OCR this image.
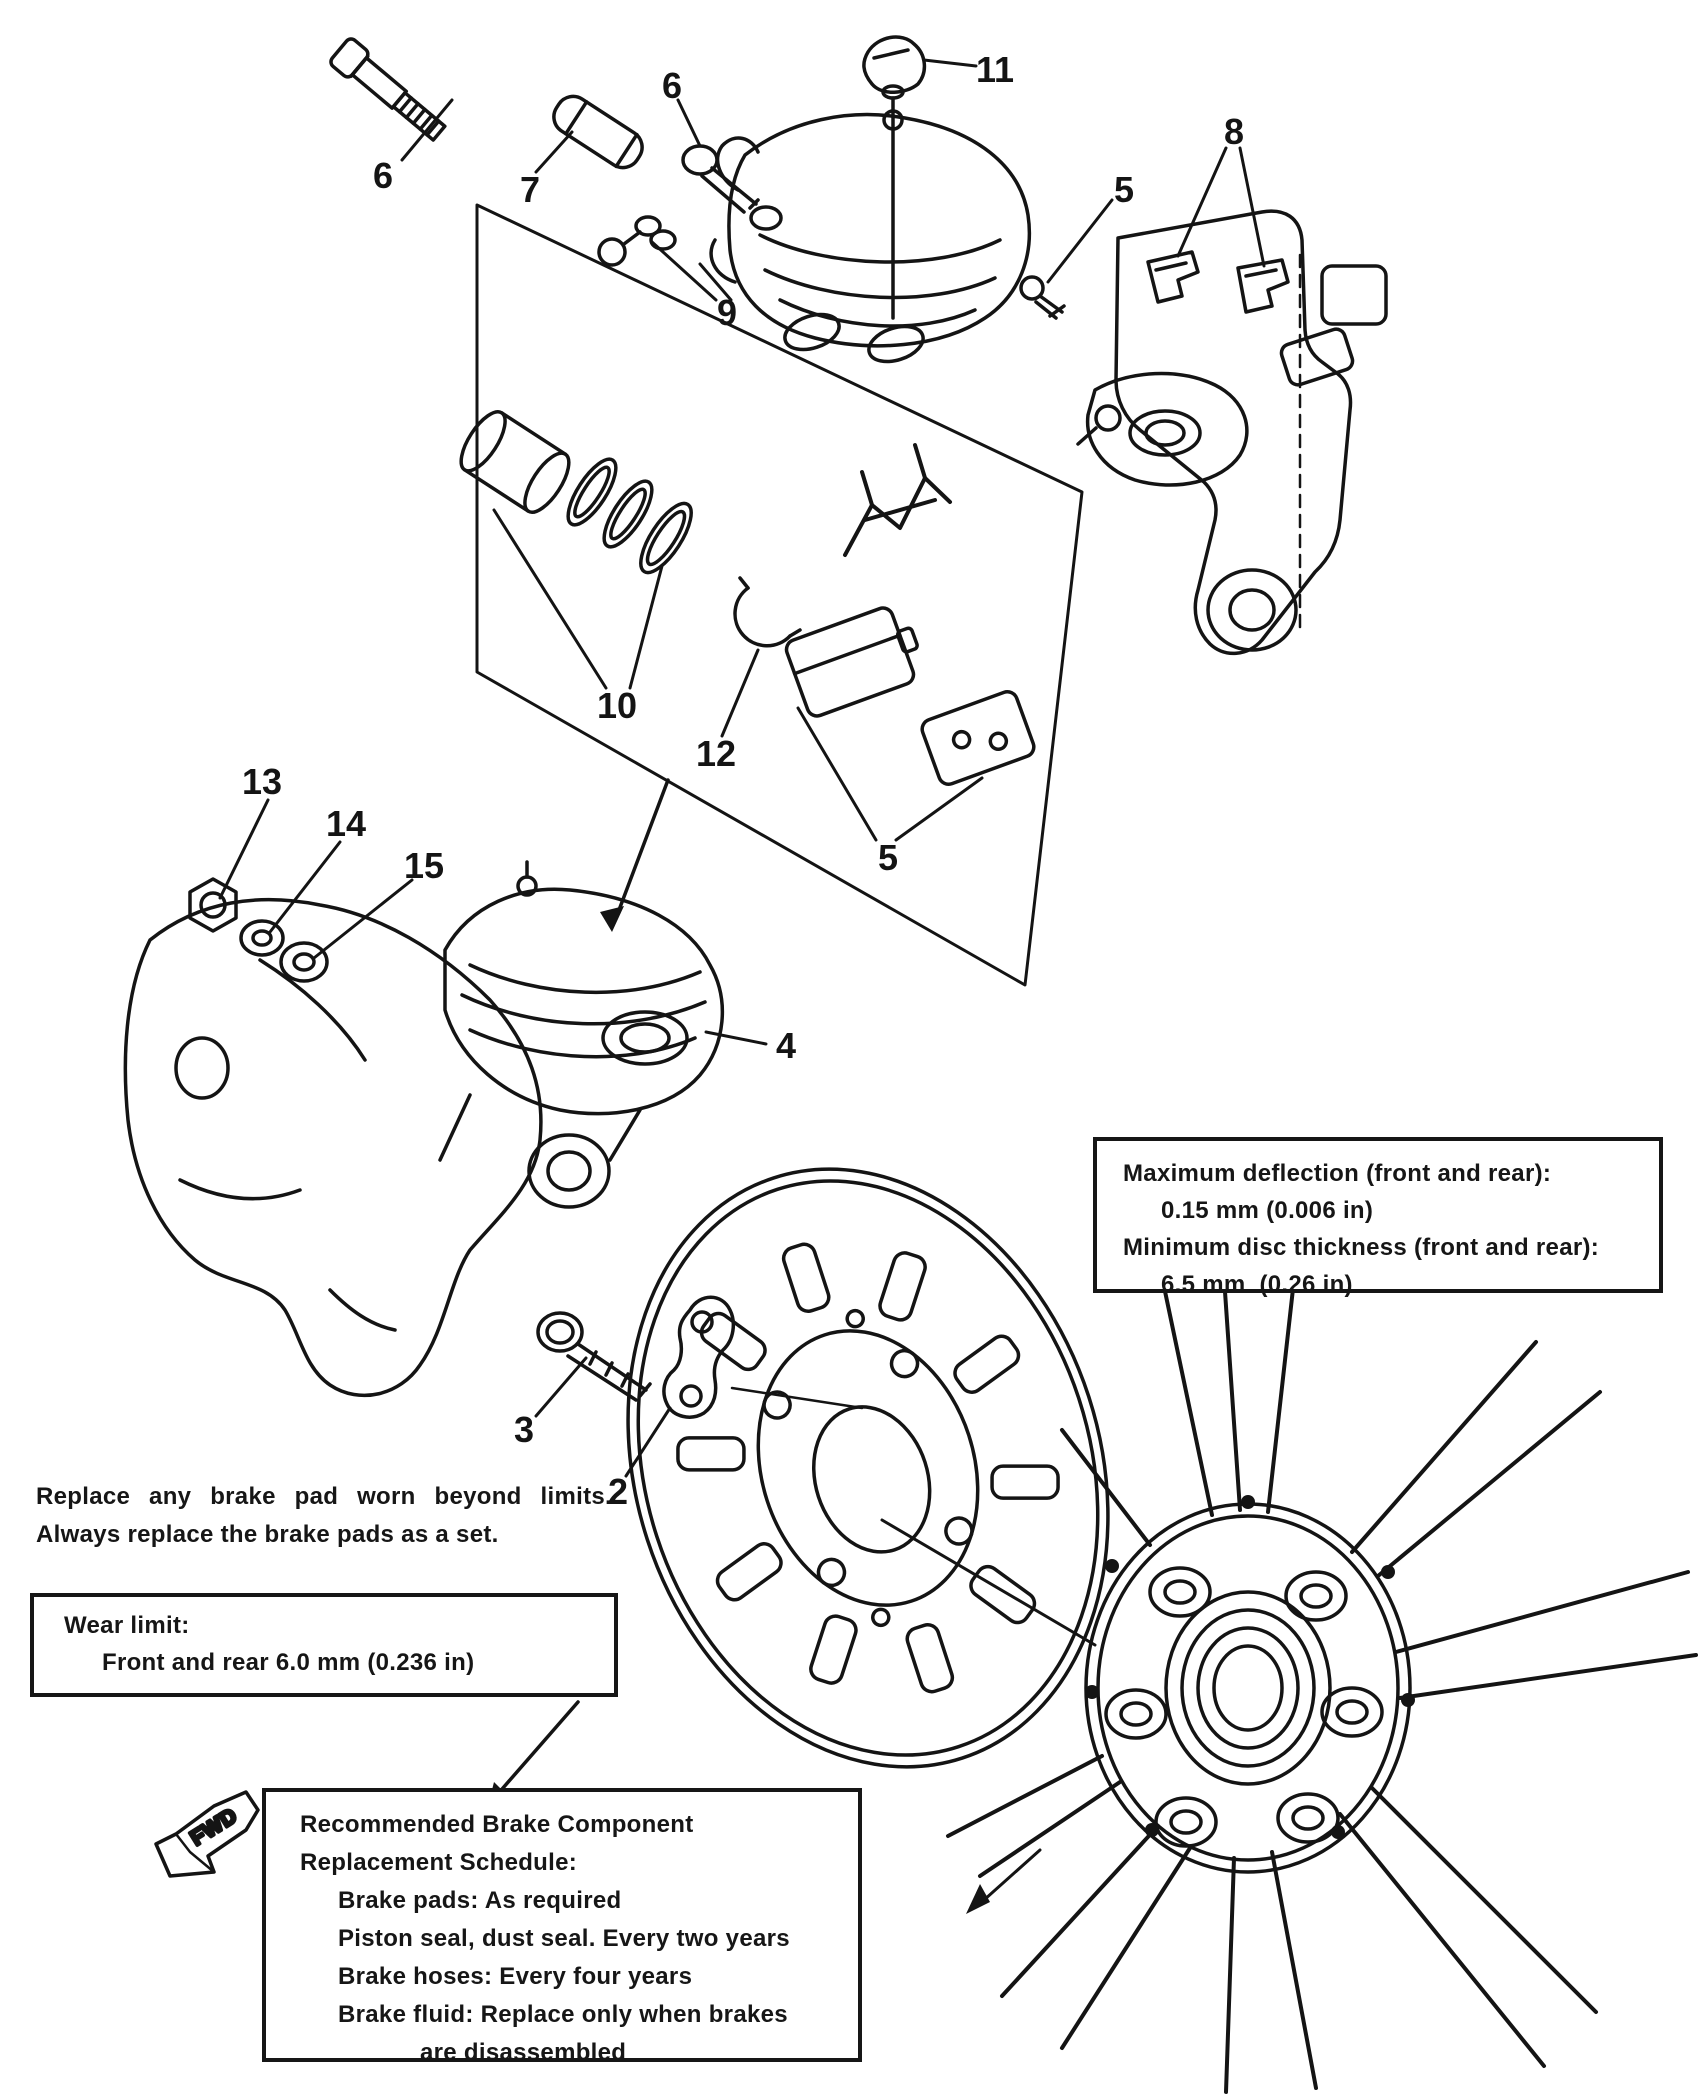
FWD
6	7
6	11
5
8
9
10
12
5
13
14
15
4
3
2
Maximum deflection (front and rear):
0.15 mm (0.006 in)
Minimum disc thickness (front and rear):
6.5 mm  (0.26 in)
Replace any brake pad worn beyond limits. Always replace the brake pads as a set.
Wear limit:
Front and rear 6.0 mm (0.236 in)
Recommended Brake Component
Replacement Schedule:
Brake pads: As required
Piston seal, dust seal. Every two years
Brake hoses: Every four years
Brake fluid: Replace only when brakes
are disassembled
